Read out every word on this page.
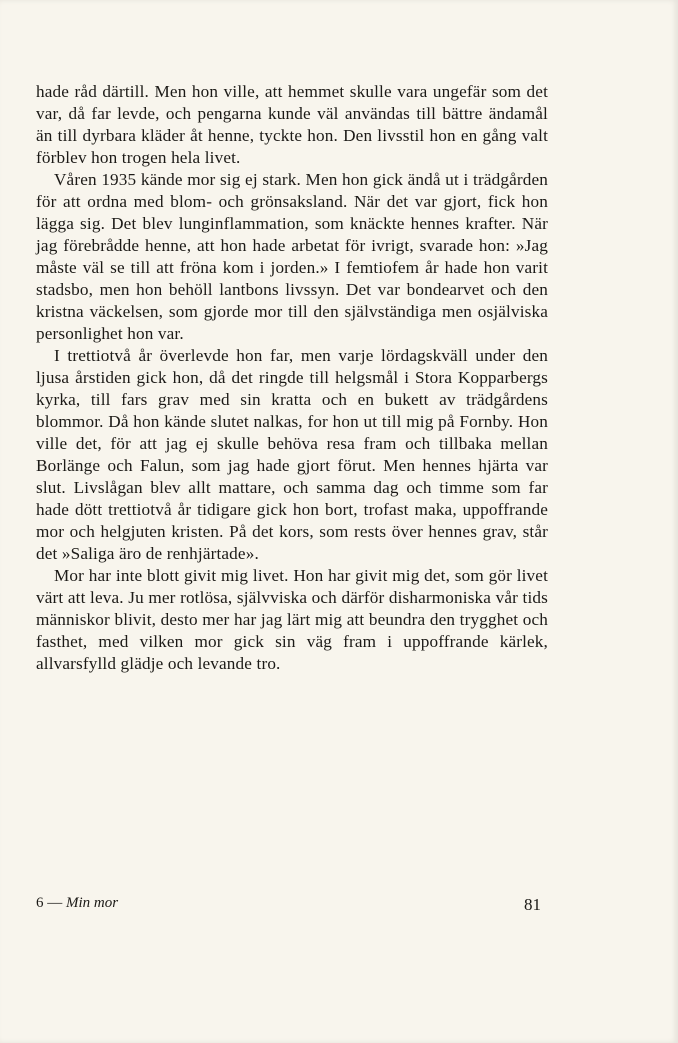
hade råd därtill. Men hon ville, att hemmet skulle vara ungefär som det var, då far levde, och pengarna kunde väl användas till bättre ändamål än till dyrbara kläder åt henne, tyckte hon. Den livsstil hon en gång valt förblev hon trogen hela livet.

Våren 1935 kände mor sig ej stark. Men hon gick ändå ut i trädgården för att ordna med blom- och grönsaksland. När det var gjort, fick hon lägga sig. Det blev lunginflammation, som knäckte hennes krafter. När jag förebrådde henne, att hon hade arbetat för ivrigt, svarade hon: »Jag måste väl se till att fröna kom i jorden.» I femtiofem år hade hon varit stadsbo, men hon behöll lantbons livssyn. Det var bondearvet och den kristna väckelsen, som gjorde mor till den självständiga men osjälviska personlighet hon var.

I trettiotvå år överlevde hon far, men varje lördagskväll under den ljusa årstiden gick hon, då det ringde till helgsmål i Stora Kopparbergs kyrka, till fars grav med sin kratta och en bukett av trädgårdens blommor. Då hon kände slutet nalkas, for hon ut till mig på Fornby. Hon ville det, för att jag ej skulle behöva resa fram och tillbaka mellan Borlänge och Falun, som jag hade gjort förut. Men hennes hjärta var slut. Livslågan blev allt mattare, och samma dag och timme som far hade dött trettiotvå år tidigare gick hon bort, trofast maka, uppoffrande mor och helgjuten kristen. På det kors, som rests över hennes grav, står det »Saliga äro de renhjärtade».

Mor har inte blott givit mig livet. Hon har givit mig det, som gör livet värt att leva. Ju mer rotlösa, självviska och därför disharmoniska vår tids människor blivit, desto mer har jag lärt mig att beundra den trygghet och fasthet, med vilken mor gick sin väg fram i uppoffrande kärlek, allvarsfylld glädje och levande tro.

6 — Min mor	81
